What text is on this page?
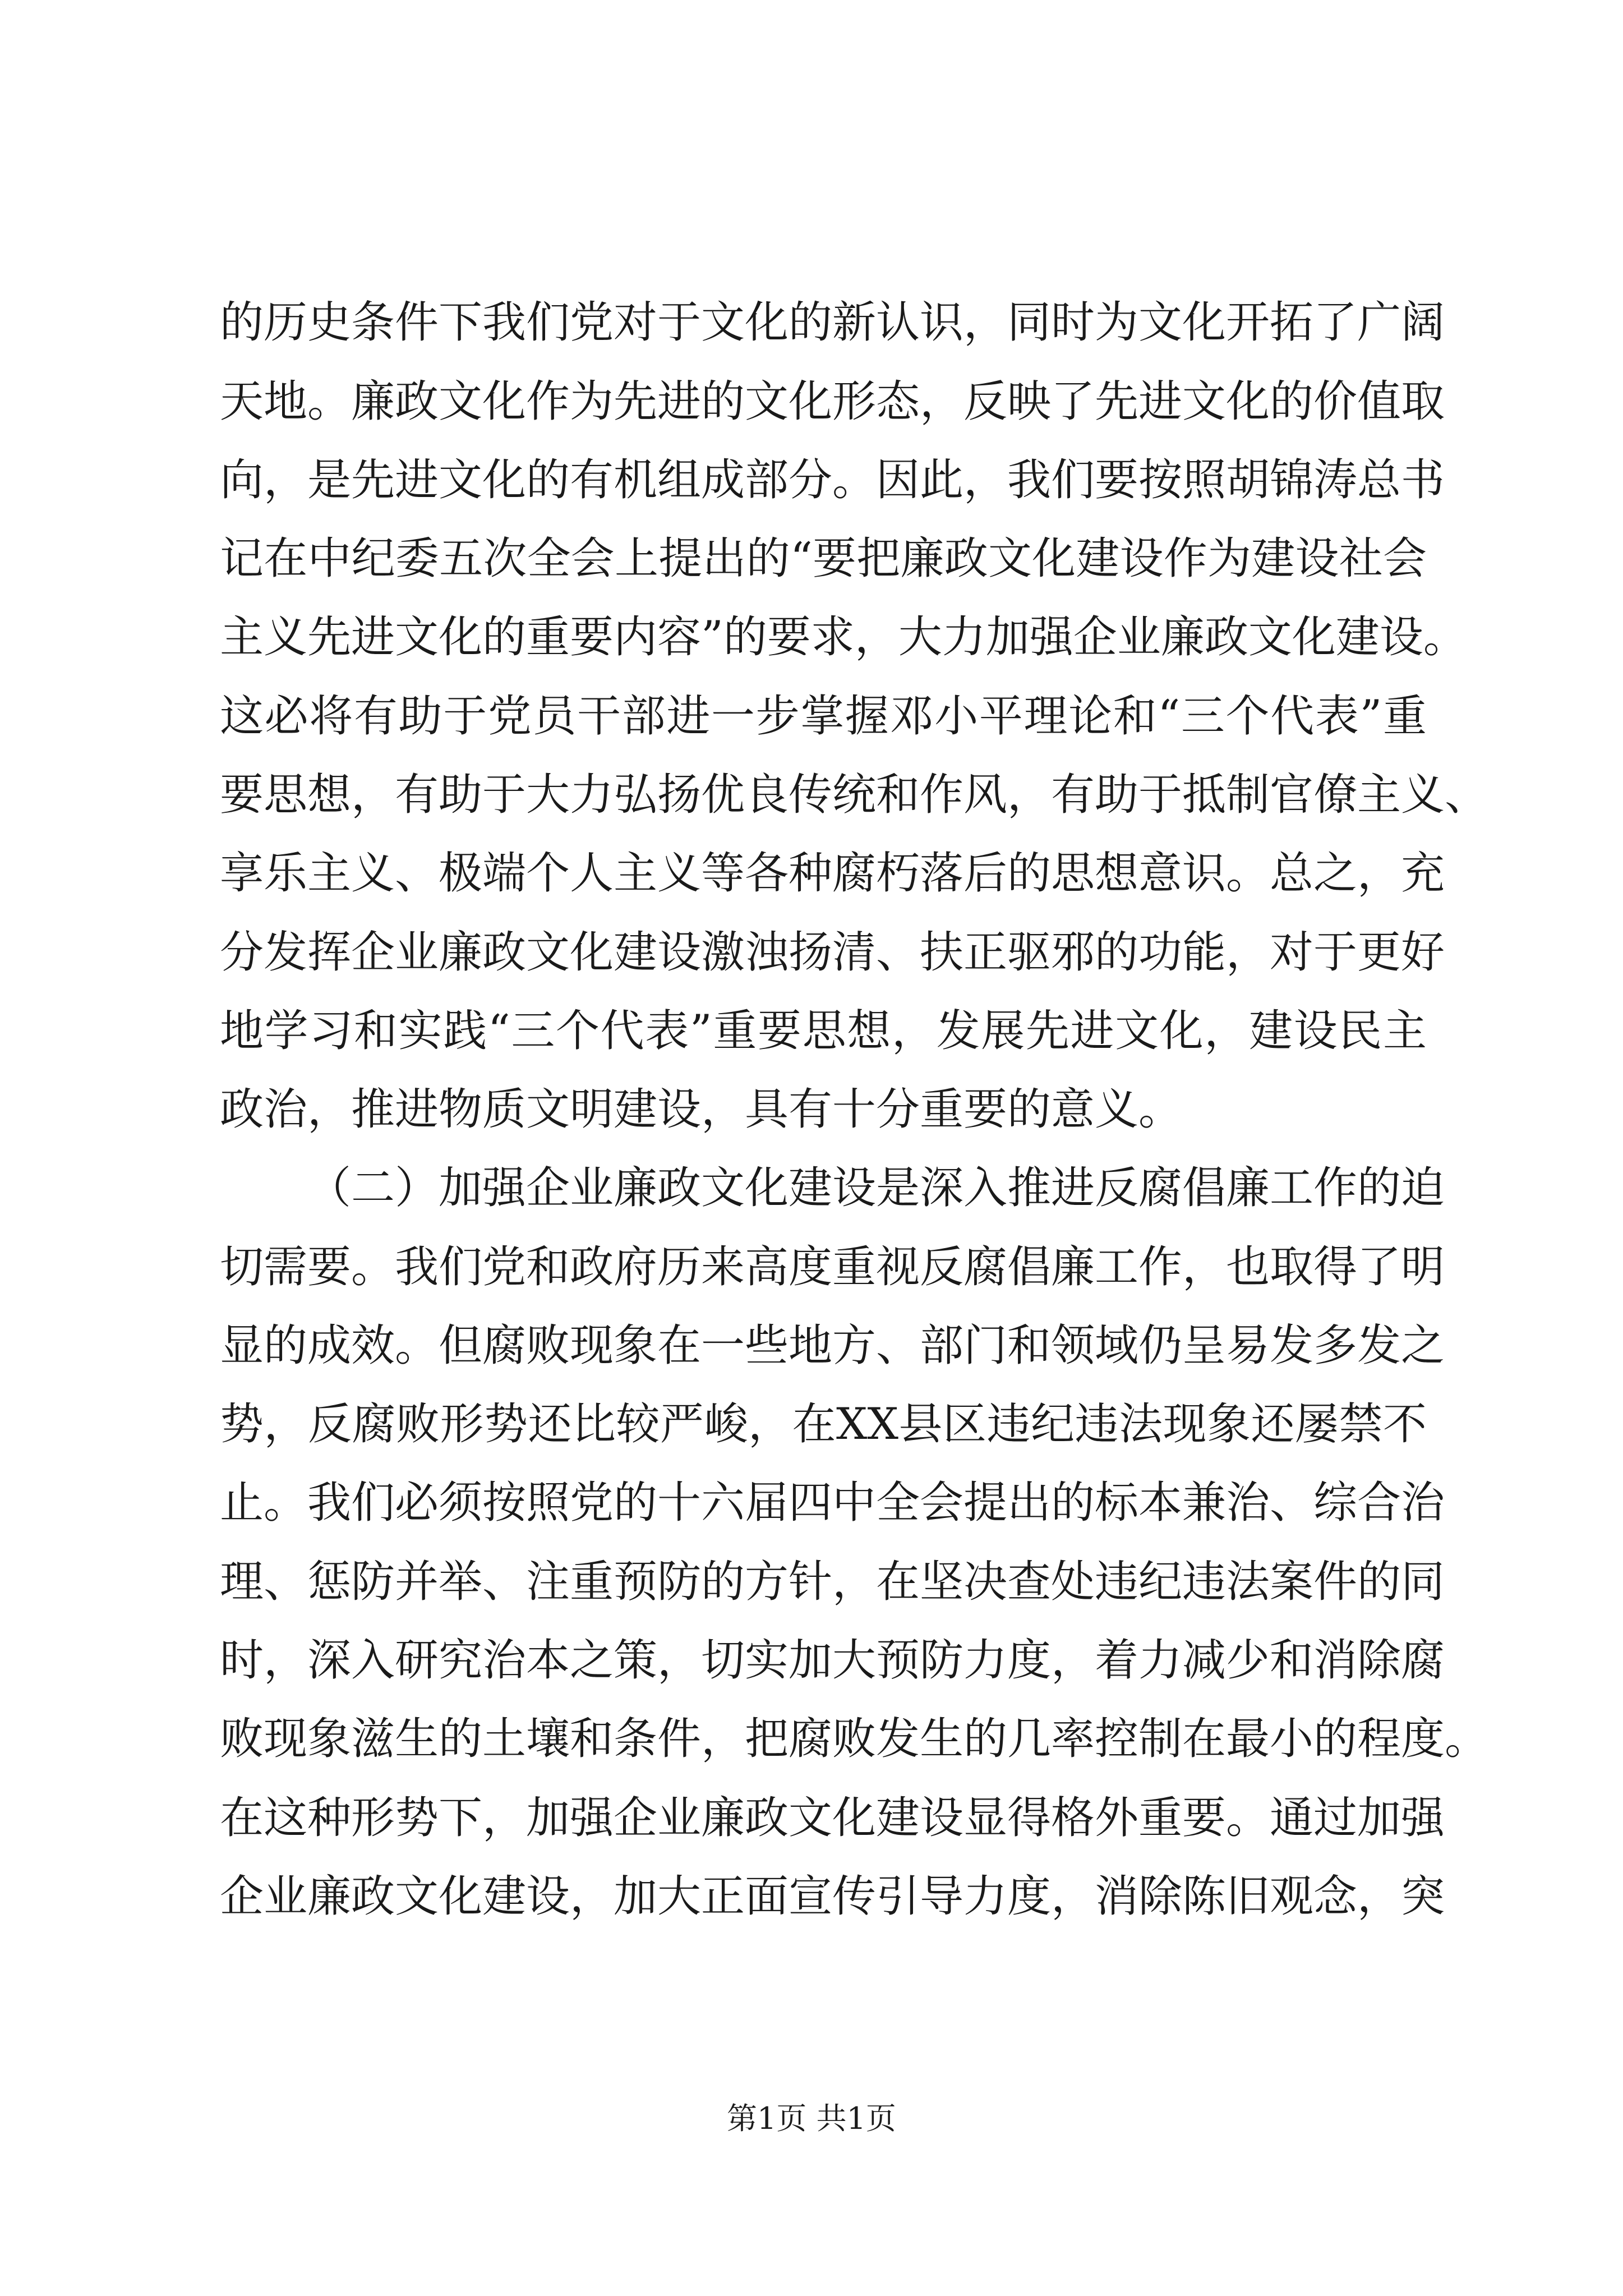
的历史条件下我们党对于文化的新认识，同时为文化开拓了广阔
天地。廉政文化作为先进的文化形态，反映了先进文化的价值取
向，是先进文化的有机组成部分。因此，我们要按照胡锦涛总书
记在中纪委五次全会上提出的“要把廉政文化建设作为建设社会
主义先进文化的重要内容”的要求，大力加强企业廉政文化建设。
这必将有助于党员干部进一步掌握邓小平理论和“三个代表”重
要思想，有助于大力弘扬优良传统和作风，有助于抵制官僚主义、
享乐主义、极端个人主义等各种腐朽落后的思想意识。总之，充
分发挥企业廉政文化建设激浊扬清、扶正驱邪的功能，对于更好
地学习和实践“三个代表”重要思想，发展先进文化，建设民主
政治，推进物质文明建设，具有十分重要的意义。
（二）加强企业廉政文化建设是深入推进反腐倡廉工作的迫
切需要。我们党和政府历来高度重视反腐倡廉工作，也取得了明
显的成效。但腐败现象在一些地方、部门和领域仍呈易发多发之
势，反腐败形势还比较严峻，在XX县区违纪违法现象还屡禁不
止。我们必须按照党的十六届四中全会提出的标本兼治、综合治
理、惩防并举、注重预防的方针，在坚决查处违纪违法案件的同
时，深入研究治本之策，切实加大预防力度，着力减少和消除腐
败现象滋生的土壤和条件，把腐败发生的几率控制在最小的程度。
在这种形势下，加强企业廉政文化建设显得格外重要。通过加强
企业廉政文化建设，加大正面宣传引导力度，消除陈旧观念，突
第1页 共1页
